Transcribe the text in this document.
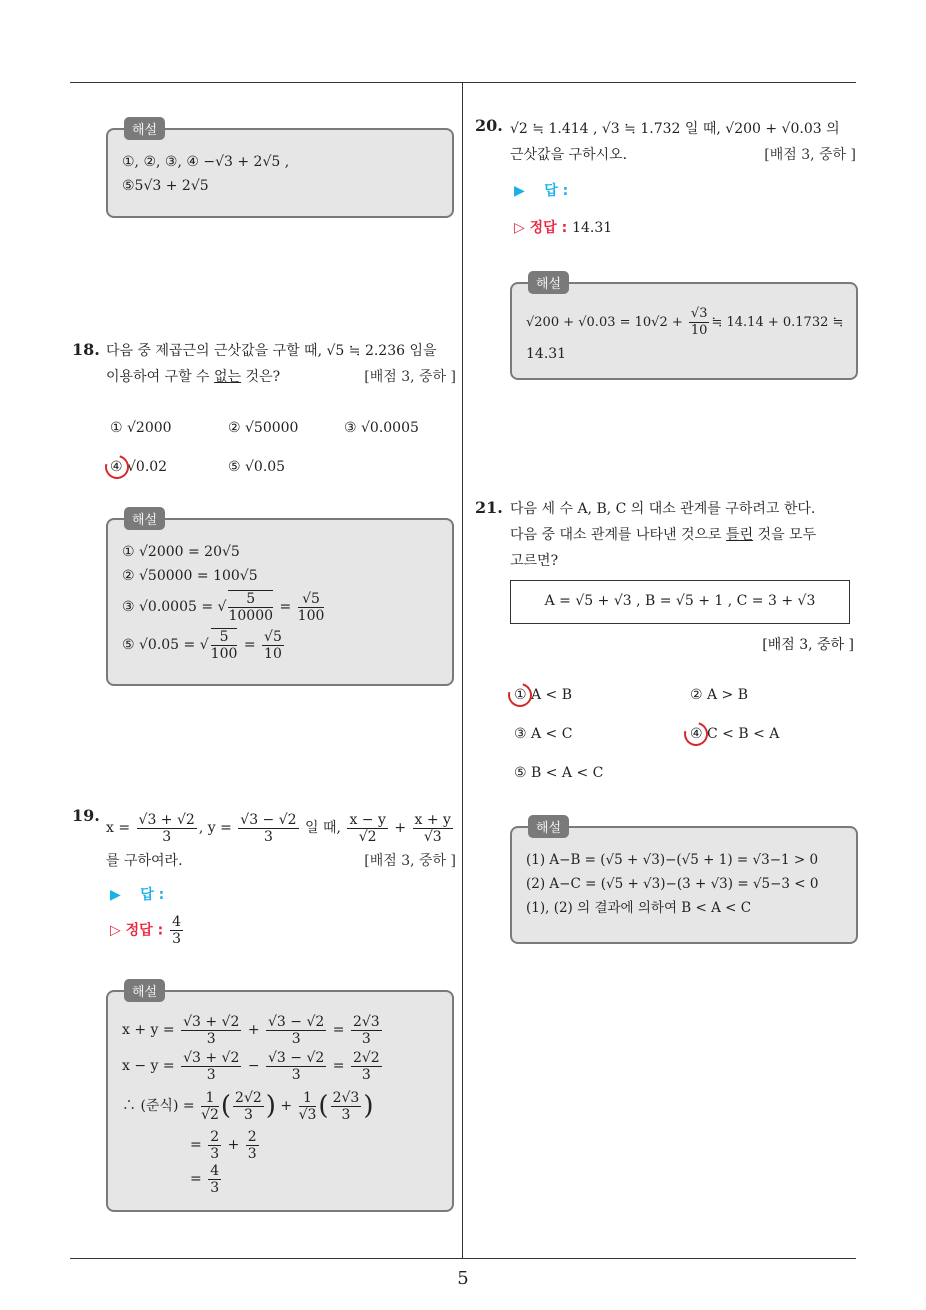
해설
①, ②, ③, ④ −√3 + 2√5 ,
⑤5√3 + 2√5
18. 다음 중 제곱근의 근삿값을 구할 때, √5 ≒ 2.236 임을
이용하여 구할 수 없는 것은?	[배점 3, 중하 ]
① √2000	② √50000	③ √0.0005
④ √0.02	⑤ √0.05
해설
① √2000 = 20√5
② √50000 = 100√5
③ √0.0005 = √ $\frac{5}{10000} = \frac{√5}{100}$
⑤ √0.05 = √ $\frac{5}{100} = \frac{√5}{10}$
19.
$x = \frac{√3 + √2}{3}$ , $y = \frac{√3 - √2}{3}$ 일 때, $\frac{x - y}{√2} + \frac{x + y}{√3}$
를 구하여라.	[배점 3, 중하 ]
▶ 답 :
▷ 정답 : $\frac{4}{3}$
해설
$x + y = \frac{√3 + √2}{3} + \frac{√3 - √2}{3} = \frac{2√3}{3}$
$x - y = \frac{√3 + √2}{3} - \frac{√3 - √2}{3} = \frac{2√2}{3}$
∴ (준식) = $\frac{1}{√2}$ ( $\frac{2√2}{3}$ ) + $\frac{1}{√3}$ ( $\frac{2√3}{3}$ )
= $\frac{2}{3} + \frac{2}{3}$
= $\frac{4}{3}$
20. √2 ≒ 1.414 , √3 ≒ 1.732 일 때, √200 + √0.03 의
근삿값을 구하시오.	[배점 3, 중하 ]
▶ 답 :
▷ 정답 : 14.31
해설
$√200 + √0.03 = 10√2 + \frac{√3}{10}$ ≒ 14.14 + 0.1732 ≒
14.31
21. 다음 세 수 A, B, C 의 대소 관계를 구하려고 한다.
다음 중 대소 관계를 나타낸 것으로 틀린 것을 모두
고르면?
A = √5 + √3 , B = √5 + 1 , C = 3 + √3
[배점 3, 중하 ]
① A < B	② A > B
③ A < C	④ C < B < A
⑤ B < A < C
해설
(1) A−B = (√5 + √3)−(√5 + 1) = √3−1 > 0
(2) A−C = (√5 + √3)−(3 + √3) = √5−3 < 0
(1), (2) 의 결과에 의하여 B < A < C
5
